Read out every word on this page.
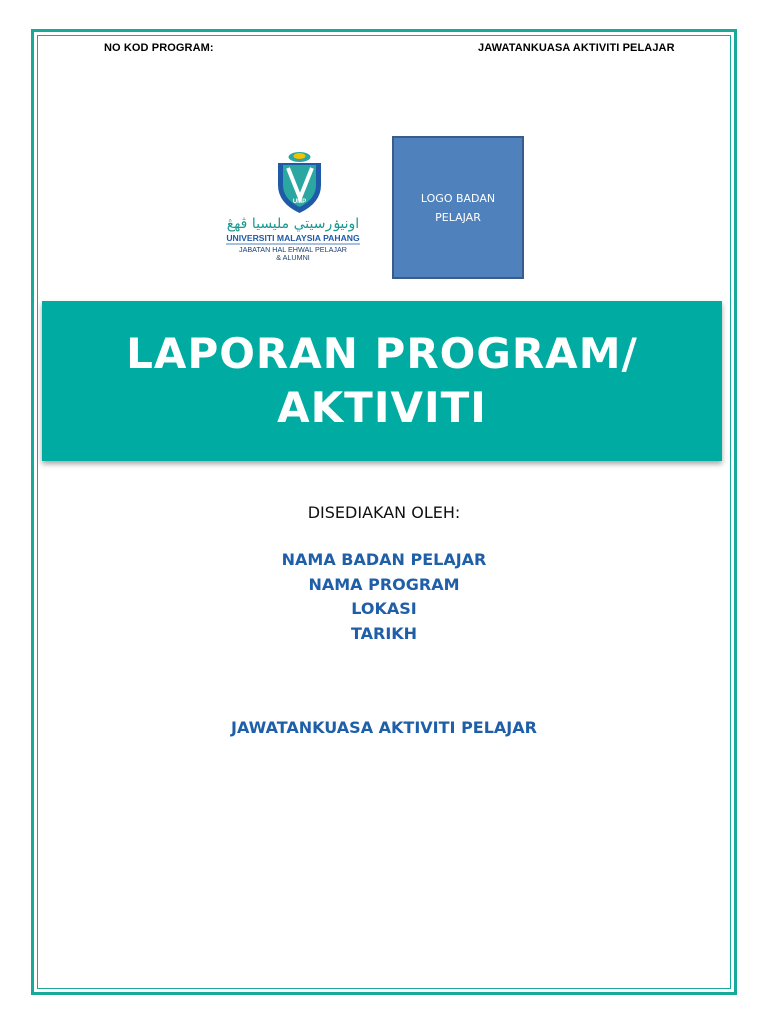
NO KOD PROGRAM:	JAWATANKUASA AKTIVITI PELAJAR
UMP
اونيۏرسيتي مليسيا ڤهڠ
UNIVERSITI MALAYSIA PAHANG
JABATAN HAL EHWAL PELAJAR
& ALUMNI
LOGO BADAN PELAJAR
LAPORAN PROGRAM/
AKTIVITI
DISEDIAKAN OLEH:
NAMA BADAN PELAJAR
NAMA PROGRAM
LOKASI
TARIKH
JAWATANKUASA AKTIVITI PELAJAR
